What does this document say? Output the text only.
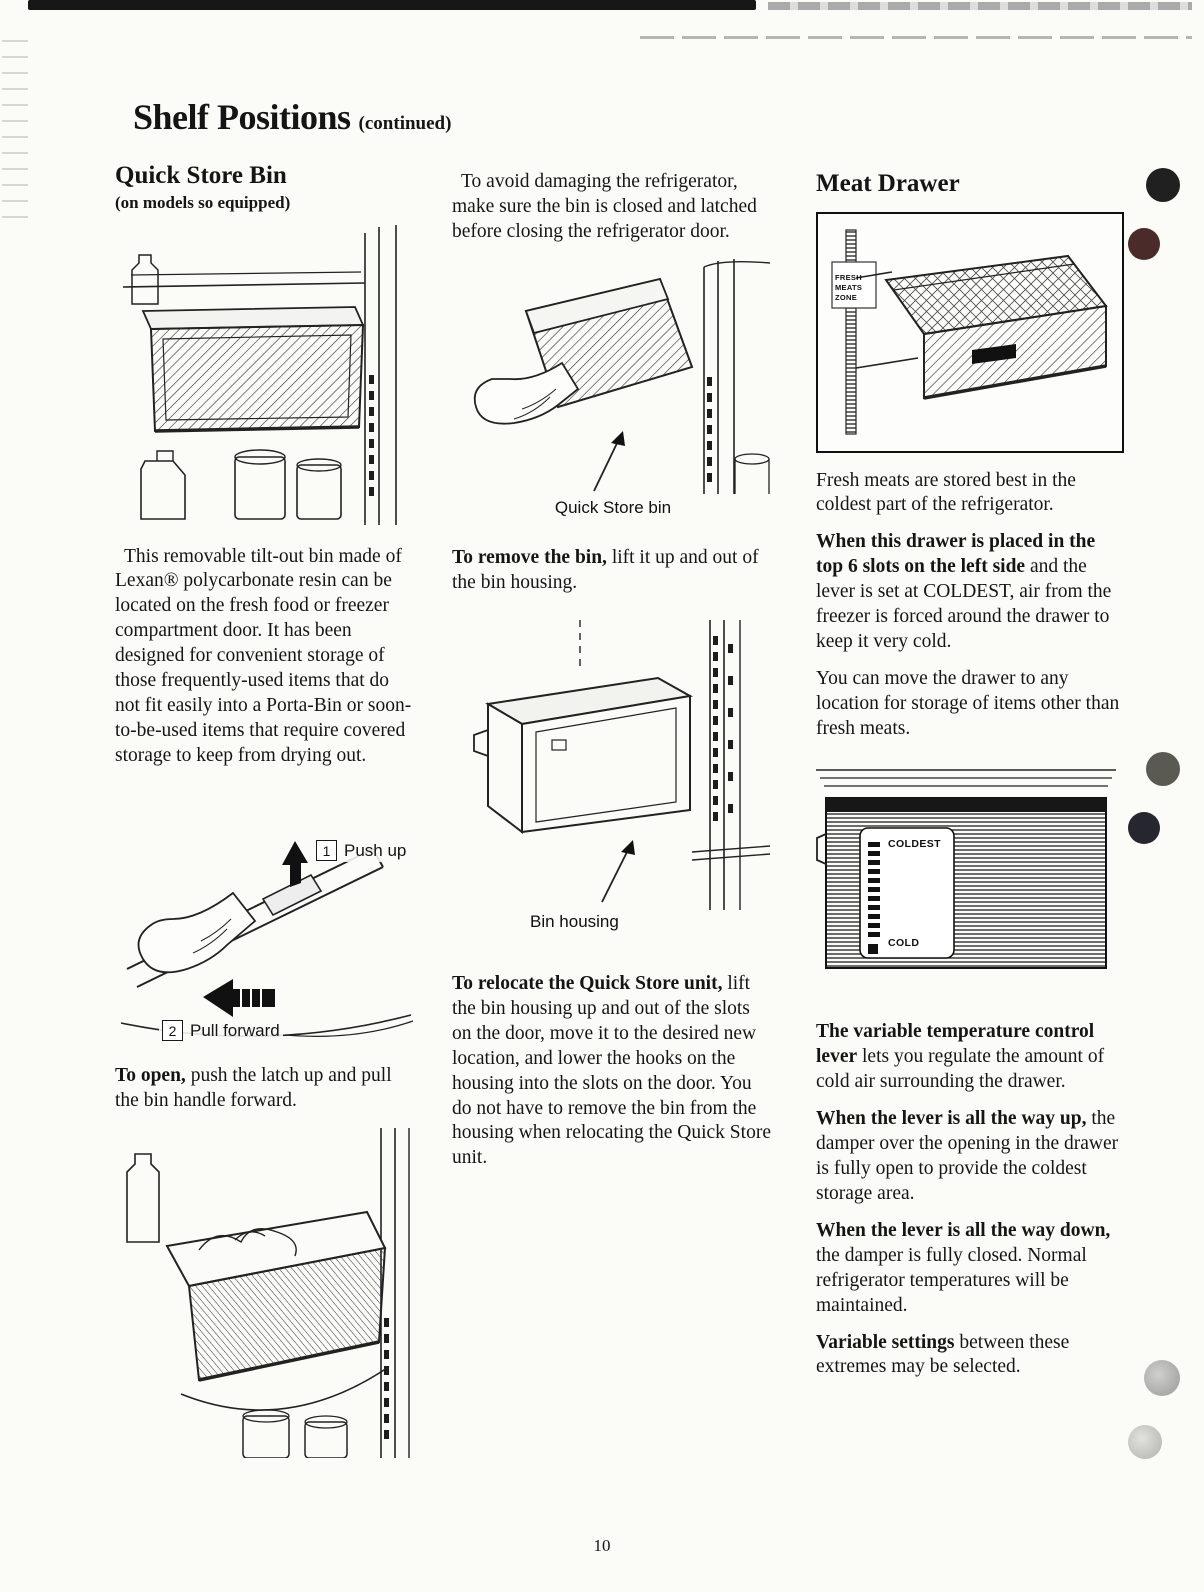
Shelf Positions (continued)
Quick Store Bin
(on models so equipped)

This removable tilt-out bin made of Lexan® polycarbonate resin can be located on the fresh food or freezer compartment door. It has been designed for convenient storage of those frequently-used items that do not fit easily into a Porta-Bin or soon-to-be-used items that require covered storage to keep from drying out.

1 Push up
2 Pull forward

To open, push the latch up and pull the bin handle forward.

To avoid damaging the refrigerator, make sure the bin is closed and latched before closing the refrigerator door.

Quick Store bin

To remove the bin, lift it up and out of the bin housing.

Bin housing

To relocate the Quick Store unit, lift the bin housing up and out of the slots on the door, move it to the desired new location, and lower the hooks on the housing into the slots on the door. You do not have to remove the bin from the housing when relocating the Quick Store unit.

Meat Drawer
FRESH MEATS ZONE

Fresh meats are stored best in the coldest part of the refrigerator.

When this drawer is placed in the top 6 slots on the left side and the lever is set at COLDEST, air from the freezer is forced around the drawer to keep it very cold.

You can move the drawer to any location for storage of items other than fresh meats.

COLDEST
COLD

The variable temperature control lever lets you regulate the amount of cold air surrounding the drawer.

When the lever is all the way up, the damper over the opening in the drawer is fully open to provide the coldest storage area.

When the lever is all the way down, the damper is fully closed. Normal refrigerator temperatures will be maintained.

Variable settings between these extremes may be selected.

10
